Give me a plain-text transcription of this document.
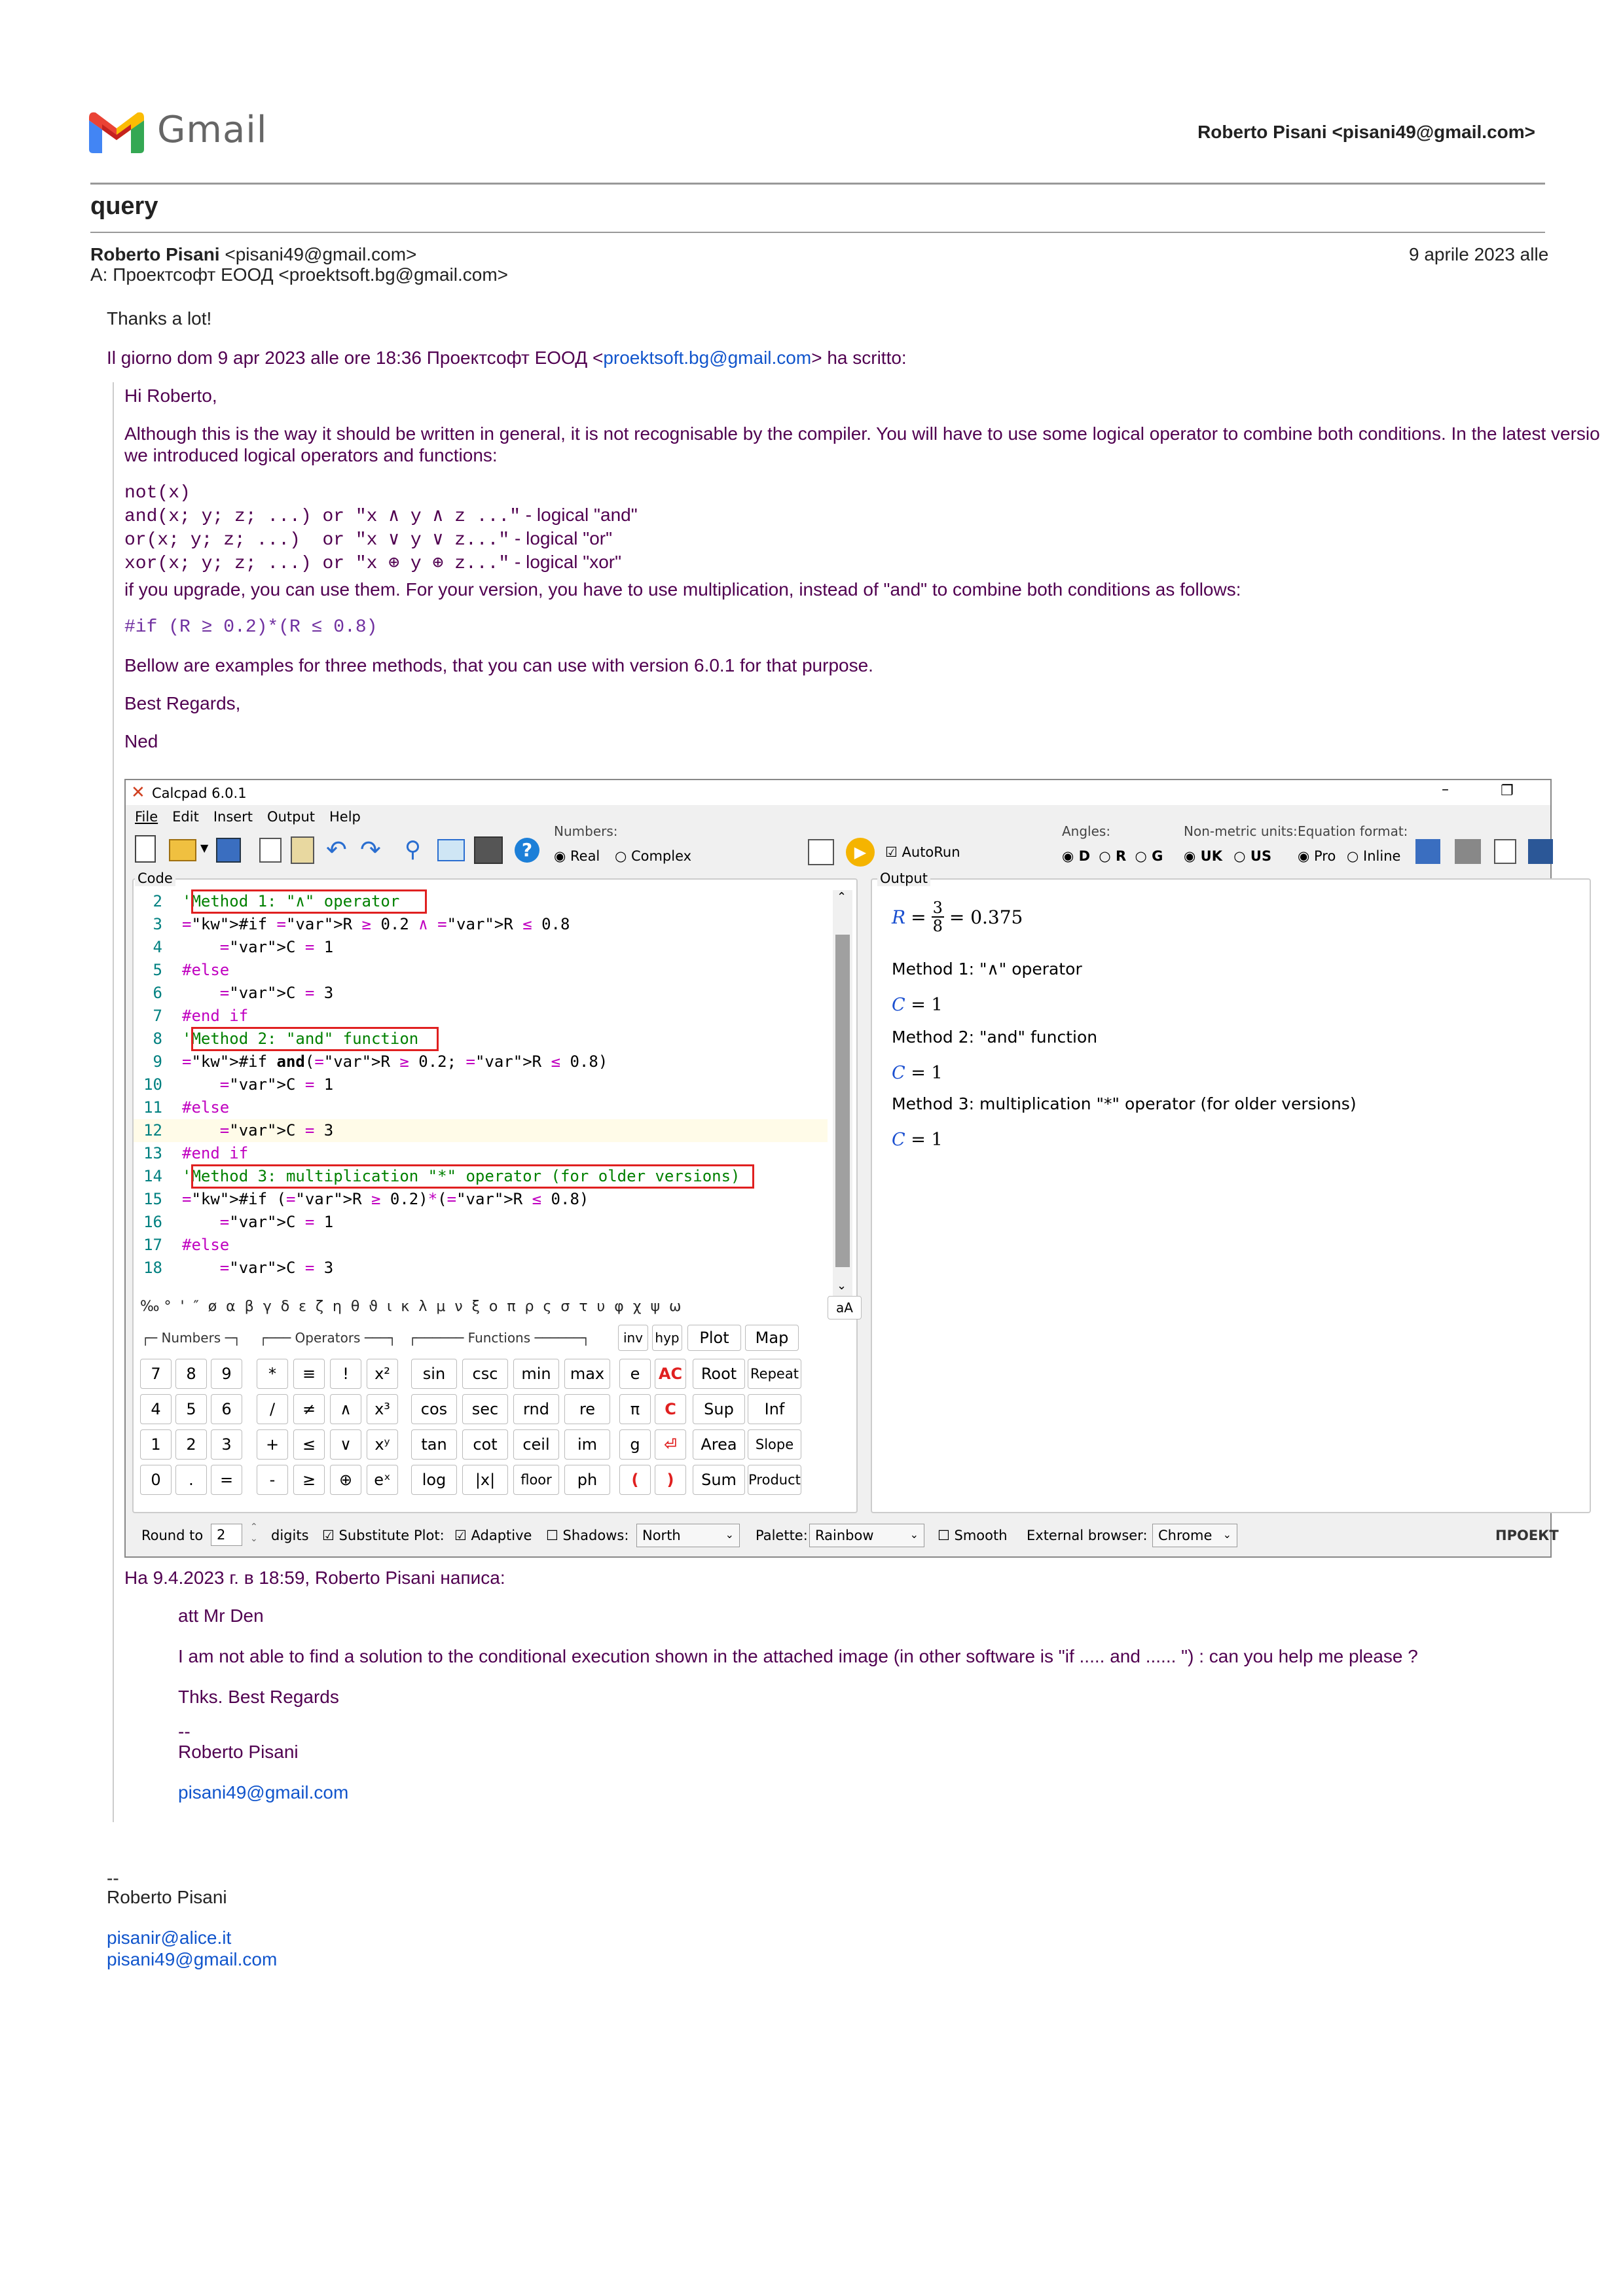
Gmail	Roberto Pisani <pisani49@gmail.com>
query
Roberto Pisani <pisani49@gmail.com>	9 aprile 2023 alle
A: Проектсофт ЕООД <proektsoft.bg@gmail.com>
Thanks a lot!
Il giorno dom 9 apr 2023 alle ore 18:36 Проектсофт ЕООД <proektsoft.bg@gmail.com> ha scritto:
Hi Roberto,
Although this is the way it should be written in general, it is not recognisable by the compiler. You will have to use some logical operator to combine both conditions. In the latest versio
we introduced logical operators and functions:
not(x)
and(x; y; z; ...) or "x ∧ y ∧ z ..." - logical "and"
or(x; y; z; ...)  or "x ∨ y ∨ z..." - logical "or"
xor(x; y; z; ...) or "x ⊕ y ⊕ z..." - logical "xor"
if you upgrade, you can use them. For your version, you have to use multiplication, instead of "and" to combine both conditions as follows:
#if (R ≥ 0.2)*(R ≤ 0.8)
Bellow are examples for three methods, that you can use with version 6.0.1 for that purpose.
Best Regards,
Ned
✕ Calcpad 6.0.1	–	❐
File Edit Insert Output Help
▼	↶ ↷ ⚲	?
Numbers:
◉ Real ○ Complex	▶	☑ AutoRun
Angles:
◉ D ○ R ○ G
Non-metric units:
◉ UK ○ US
Equation format:
◉ Pro ○ Inline
Code
2 'Method 1: "∧" operator
3 ="kw">#if ="var">R ≥ 0.2 ∧ ="var">R ≤ 0.8
4	="var">C = 1
5 #else
6	="var">C = 3
7 #end if
8 'Method 2: "and" function
9 ="kw">#if and(="var">R ≥ 0.2; ="var">R ≤ 0.8)
10	="var">C = 1
11 #else
12	="var">C = 3
13 #end if
14 'Method 3: multiplication "*" operator (for older versions)
15 ="kw">#if (="var">R ≥ 0.2)*(="var">R ≤ 0.8)
16	="var">C = 1
17 #else
18	="var">C = 3
⌃
⌄
‰ °  '  ″  ø  α  β  γ  δ  ε  ζ  η  θ  ϑ  ι  κ  λ  μ  ν  ξ  ο  π  ρ  ς  σ  τ  υ  φ  χ  ψ  ω	aA
┌─ Numbers ─┐ ┌─── Operators ───┐ ┌────── Functions ──────┐	inv hyp	Plot	Map
7	8	9	*	≡	!	x²	sin	csc	min	max	e	AC	Root Repeat
4	5	6	/	≠	∧	x³	cos	sec	rnd	re	π	C	Sup	Inf
1	2	3	+	≤	∨	xʸ	tan	cot	ceil	im	g	⏎	Area	Slope
0	.	=	-	≥	⊕	eˣ	log	|x|	floor	ph	(	)	Sum Product
Output
$R = \frac{3}{8} = 0.375$
Method 1: "∧" operator
C = 1
Method 2: "and" function
C = 1
Method 3: multiplication "*" operator (for older versions)
C = 1
Round to 2	⌃
⌄ digits ☑ Substitute Plot: ☑ Adaptive ☐ Shadows: North	⌄ Palette: Rainbow	⌄ ☐ Smooth External browser: Chrome ⌄	ПРОЕКТ
На 9.4.2023 г. в 18:59, Roberto Pisani написа:
att Mr Den
I am not able to find a solution to the conditional execution shown in the attached image (in other software is "if ..... and ...... ") : can you help me please ?
Thks. Best Regards
--
Roberto Pisani
pisani49@gmail.com
--
Roberto Pisani
pisanir@alice.it
pisani49@gmail.com
